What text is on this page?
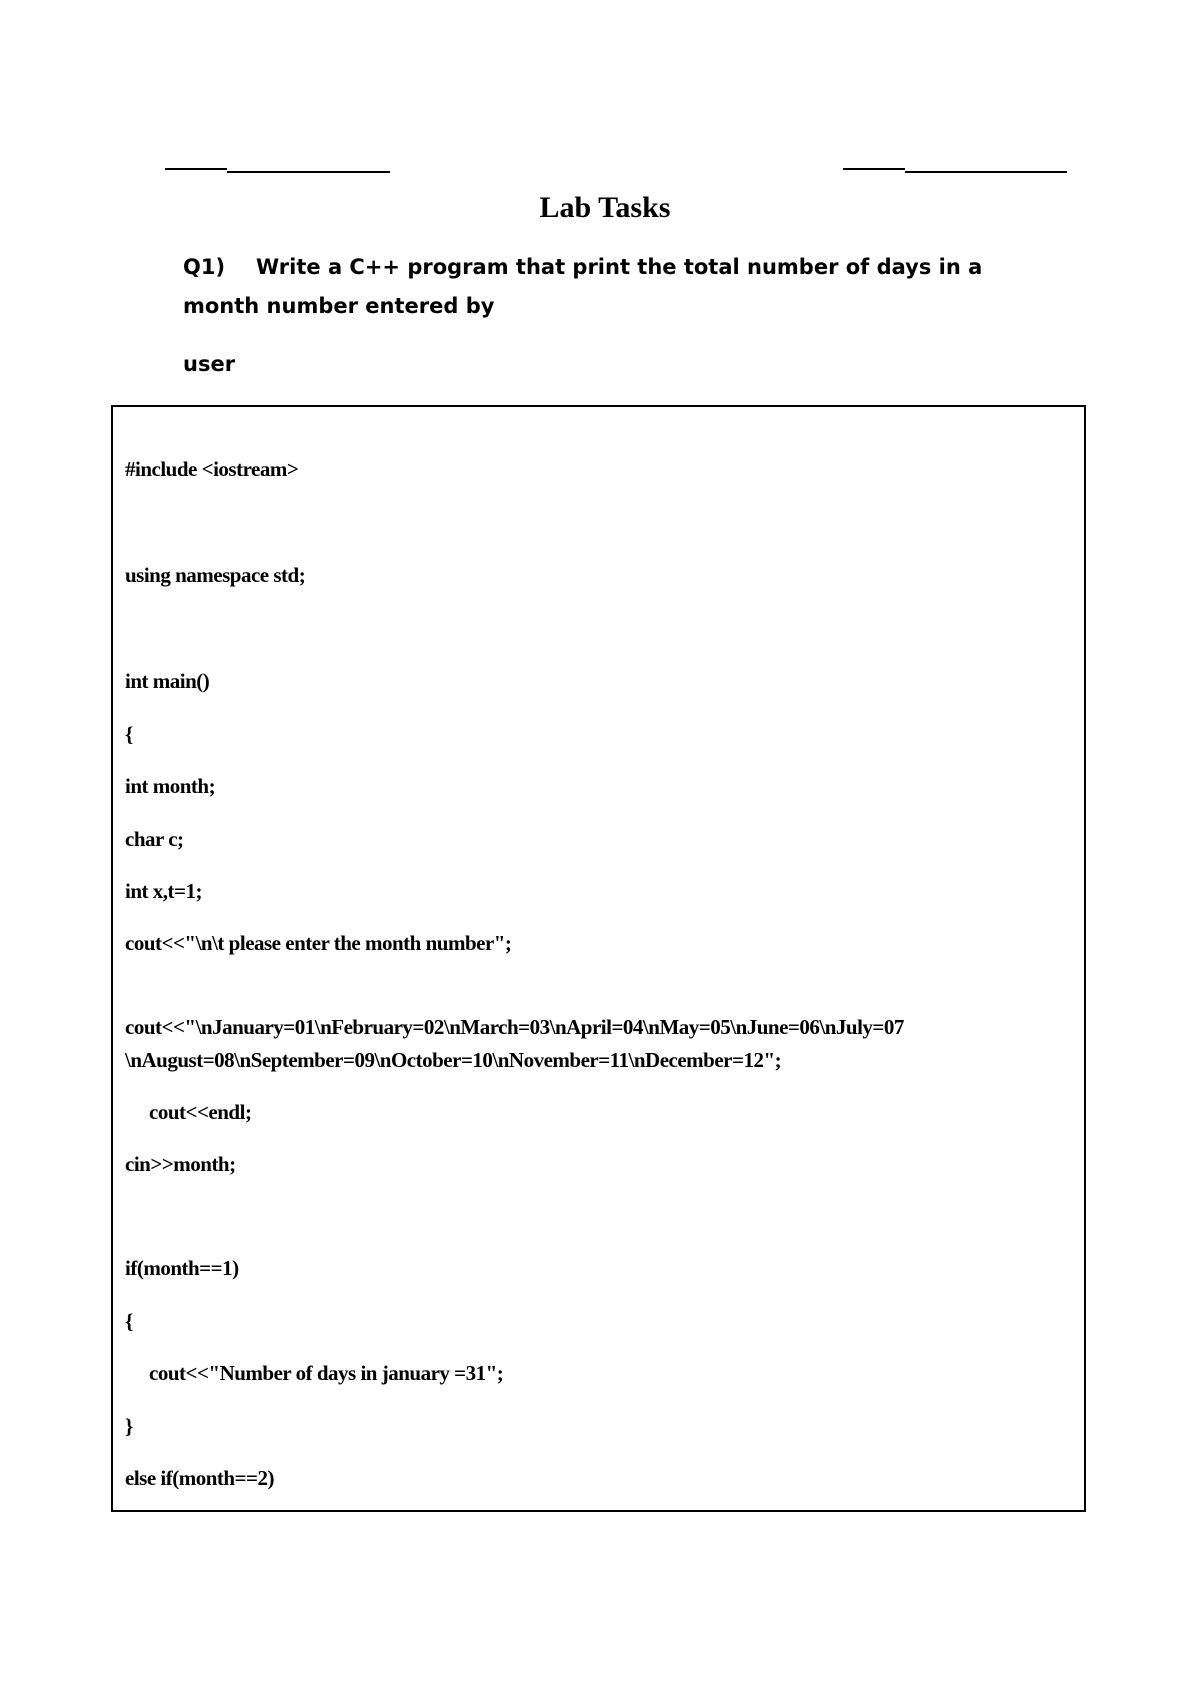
Lab Tasks

Q1) Write a C++ program that print the total number of days in a month number entered by

user

#include <iostream>
using namespace std;
int main()
{
int month;
char c;
int x,t=1;
cout<<"\n\t please enter the month number";
cout<<"\nJanuary=01\nFebruary=02\nMarch=03\nApril=04\nMay=05\nJune=06\nJuly=07
\nAugust=08\nSeptember=09\nOctober=10\nNovember=11\nDecember=12";
cout<<endl;
cin>>month;
if(month==1)
{
cout<<"Number of days in january =31";
}
else if(month==2)
